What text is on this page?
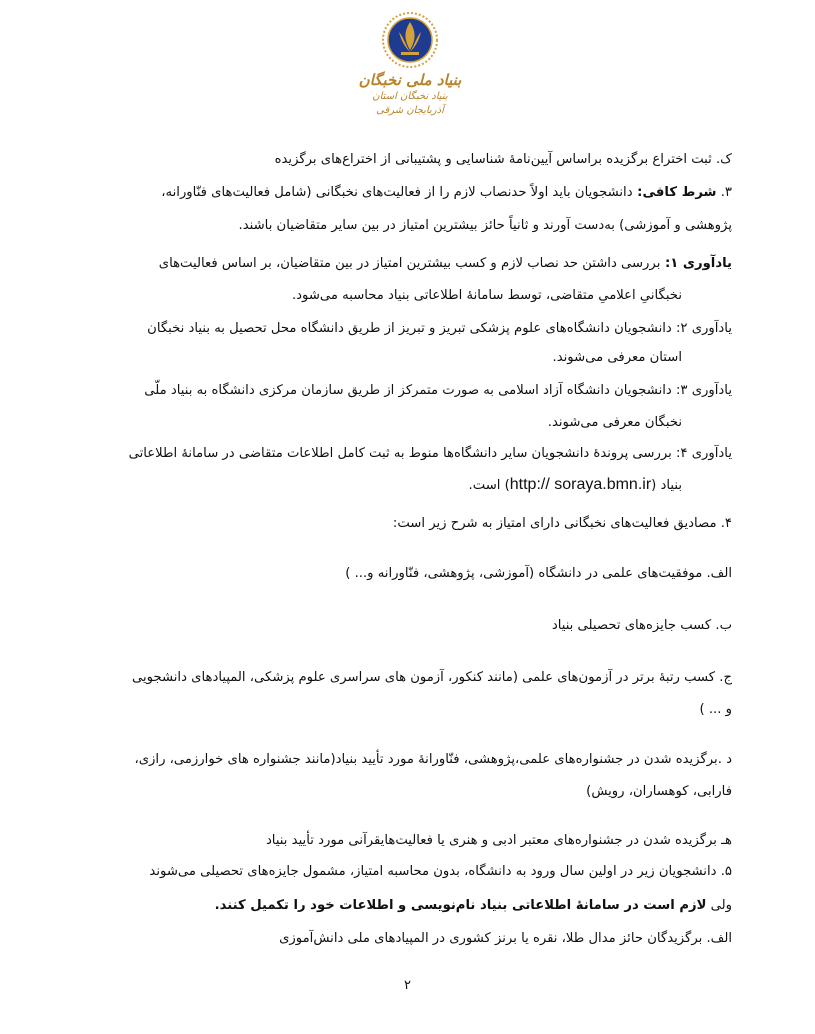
بنیاد ملی نخبگان
بنیاد نخبگان استان آذربایجان شرقی
ک. ثبت اختراع برگزیده براساس آیین‌نامهٔ شناسایی و پشتیبانی از اختراع‌های برگزیده
۳. شرط کافی: دانشجویان باید اولاً حدنصاب لازم را از فعالیت‌های نخبگانی (شامل فعالیت‌های فنّاورانه،
پژوهشی و آموزشی) به‌دست آورند و ثانیاً حائز بیشترین امتیاز در بین سایر متقاضیان باشند.
یادآوری ۱: بررسی داشتن حد نصاب لازم و کسب بیشترین امتیاز در بین متقاضیان، بر اساس فعالیت‌های
نخبگانیِ اعلامیِ متقاضی، توسط سامانهٔ اطلاعاتی بنیاد محاسبه می‌شود.
یادآوری ۲: دانشجویان دانشگاه‌های علوم پزشکی تبریز و تبریز از طریق دانشگاه محل تحصیل به بنیاد نخبگان
استان معرفی می‌شوند.
یادآوری ۳: دانشجویان دانشگاه آزاد اسلامی به صورت متمرکز از طریق سازمان مرکزی دانشگاه به بنیاد ملّی
نخبگان معرفی می‌شوند.
یادآوری ۴: بررسی پروندهٔ دانشجویان سایر دانشگاه‌ها منوط به ثبت کامل اطلاعات متقاضی در سامانهٔ اطلاعاتی
بنیاد (http:// soraya.bmn.ir) است.
۴. مصادیق فعالیت‌های نخبگانی دارای امتیاز به شرح زیر است:
الف. موفقیت‌های علمی در دانشگاه (آموزشی، پژوهشی، فنّاورانه و... )
ب. کسب جایزه‌های تحصیلی بنیاد
ج. کسب رتبهٔ برتر در آزمون‌های علمی (مانند کنکور، آزمون های سراسری علوم پزشکی، المپیادهای دانشجویی
و ... )
د .برگزیده شدن در جشنواره‌های علمی،پژوهشی، فنّاورانهٔ مورد تأیید بنیاد(مانند جشنواره های خوارزمی، رازی،
فارابی، کوهساران، رویش)
هـ برگزیده شدن در جشنواره‌های معتبر ادبی و هنری یا فعالیت‌هایقرآنی مورد تأیید بنیاد
۵. دانشجویان زیر در اولین سال ورود به دانشگاه، بدون محاسبه امتیاز، مشمول جایزه‌های تحصیلی می‌شوند
ولی لازم است در سامانهٔ اطلاعاتی بنیاد نام‌نویسی و اطلاعات خود را تکمیل کنند.
الف. برگزیدگان حائز مدال طلا، نقره یا برنز کشوری در المپیادهای ملی دانش‌آموزی
۲
